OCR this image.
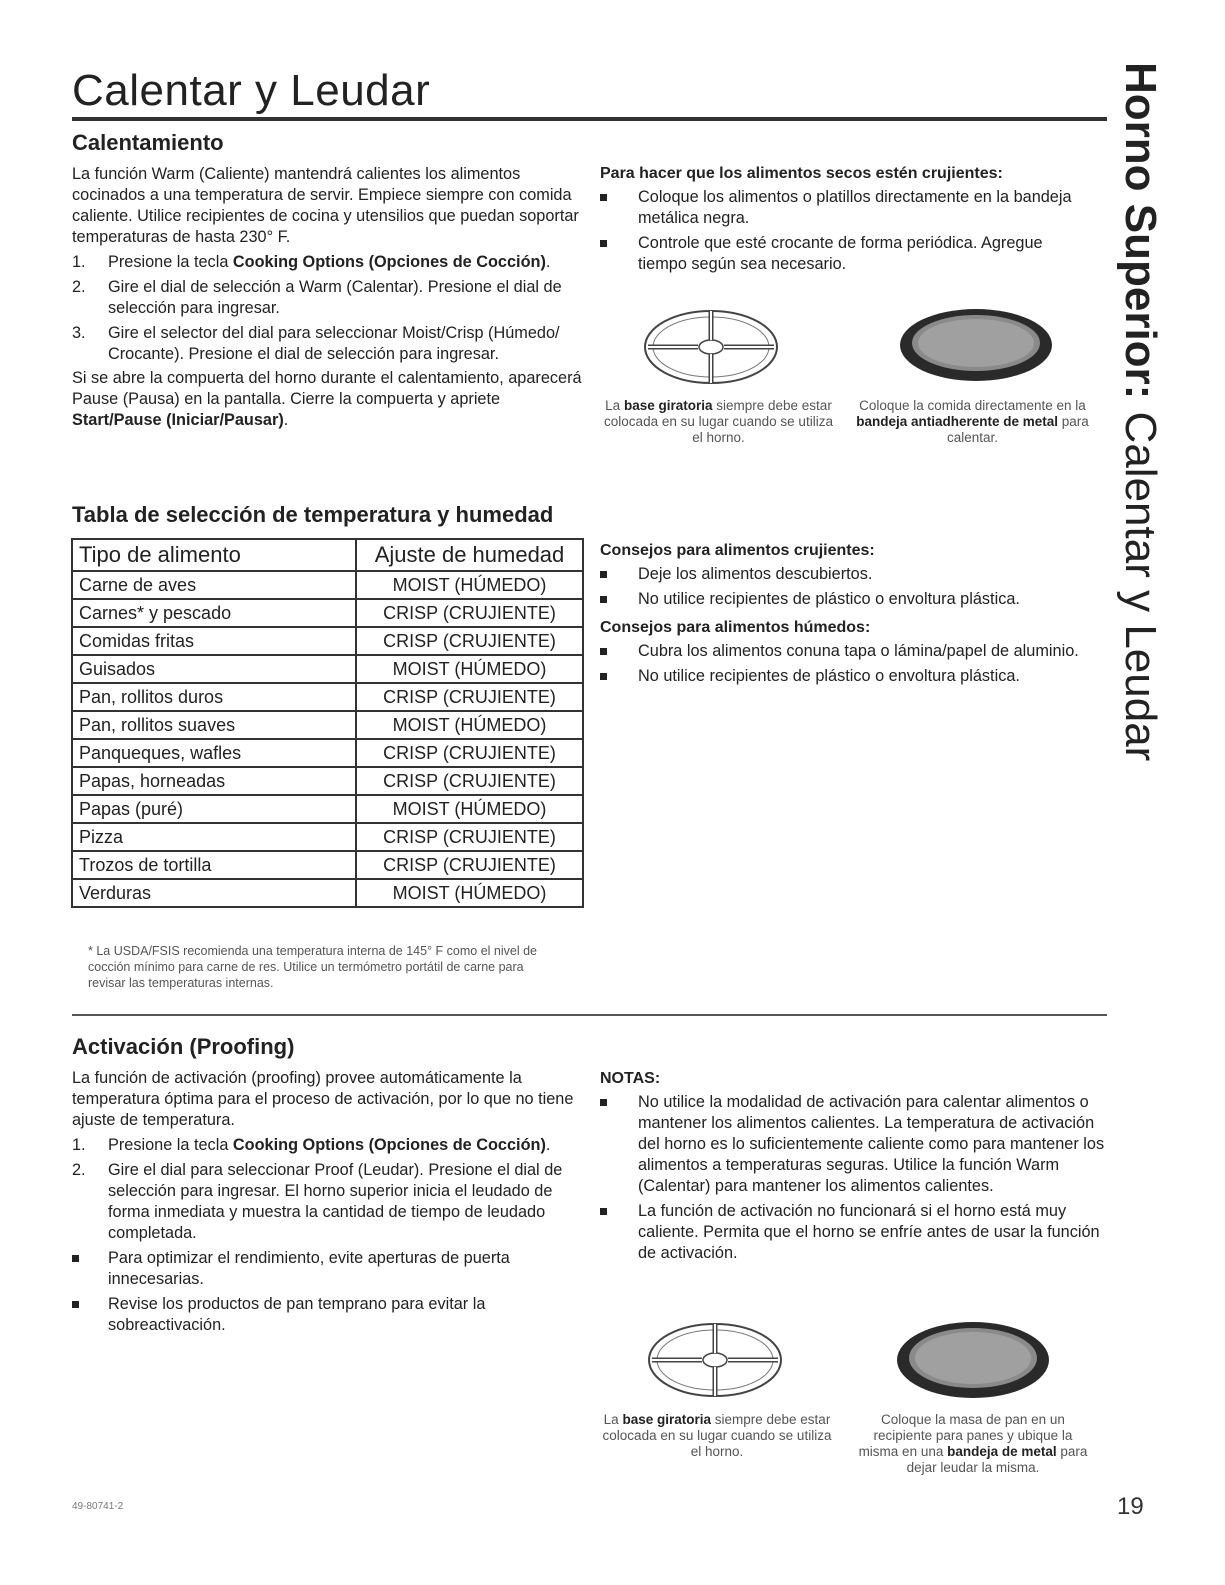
Calentar y Leudar	Horno Superior: Calentar y Leudar
Calentamiento
La función Warm (Caliente) mantendrá calientes los alimentos cocinados a una temperatura de servir. Empiece siempre con comida caliente. Utilice recipientes de cocina y utensilios que puedan soportar temperaturas de hasta 230° F.
1. Presione la tecla Cooking Options (Opciones de Cocción).
2. Gire el dial de selección a Warm (Calentar). Presione el dial de selección para ingresar.
3. Gire el selector del dial para seleccionar Moist/Crisp (Húmedo/ Crocante). Presione el dial de selección para ingresar.
Si se abre la compuerta del horno durante el calentamiento, aparecerá Pause (Pausa) en la pantalla. Cierre la compuerta y apriete Start/Pause (Iniciar/Pausar).
Para hacer que los alimentos secos estén crujientes:
Coloque los alimentos o platillos directamente en la bandeja metálica negra.
Controle que esté crocante de forma periódica. Agregue tiempo según sea necesario.
La base giratoria siempre debe estar colocada en su lugar cuando se utiliza el horno.
Coloque la comida directamente en la bandeja antiadherente de metal para calentar.
Tabla de selección de temperatura y humedad
Tipo de alimento	Ajuste de humedad
Carne de aves	MOIST (HÚMEDO)
Carnes* y pescado	CRISP (CRUJIENTE)
Comidas fritas	CRISP (CRUJIENTE)
Guisados	MOIST (HÚMEDO)
Pan, rollitos duros	CRISP (CRUJIENTE)
Pan, rollitos suaves	MOIST (HÚMEDO)
Panqueques, wafles	CRISP (CRUJIENTE)
Papas, horneadas	CRISP (CRUJIENTE)
Papas (puré)	MOIST (HÚMEDO)
Pizza	CRISP (CRUJIENTE)
Trozos de tortilla	CRISP (CRUJIENTE)
Verduras	MOIST (HÚMEDO)
* La USDA/FSIS recomienda una temperatura interna de 145° F como el nivel de cocción mínimo para carne de res. Utilice un termómetro portátil de carne para revisar las temperaturas internas.
Consejos para alimentos crujientes:
Deje los alimentos descubiertos.
No utilice recipientes de plástico o envoltura plástica.
Consejos para alimentos húmedos:
Cubra los alimentos conuna tapa o lámina/papel de aluminio.
No utilice recipientes de plástico o envoltura plástica.
Activación (Proofing)
La función de activación (proofing) provee automáticamente la temperatura óptima para el proceso de activación, por lo que no tiene ajuste de temperatura.
1. Presione la tecla Cooking Options (Opciones de Cocción).
2. Gire el dial para seleccionar Proof (Leudar). Presione el dial de selección para ingresar. El horno superior inicia el leudado de forma inmediata y muestra la cantidad de tiempo de leudado completada.
Para optimizar el rendimiento, evite aperturas de puerta innecesarias.
Revise los productos de pan temprano para evitar la sobreactivación.
NOTAS:
No utilice la modalidad de activación para calentar alimentos o mantener los alimentos calientes. La temperatura de activación del horno es lo suficientemente caliente como para mantener los alimentos a temperaturas seguras. Utilice la función Warm (Calentar) para mantener los alimentos calientes.
La función de activación no funcionará si el horno está muy caliente. Permita que el horno se enfríe antes de usar la función de activación.
La base giratoria siempre debe estar colocada en su lugar cuando se utiliza el horno.
Coloque la masa de pan en un recipiente para panes y ubique la misma en una bandeja de metal para dejar leudar la misma.
49-80741-2	19
